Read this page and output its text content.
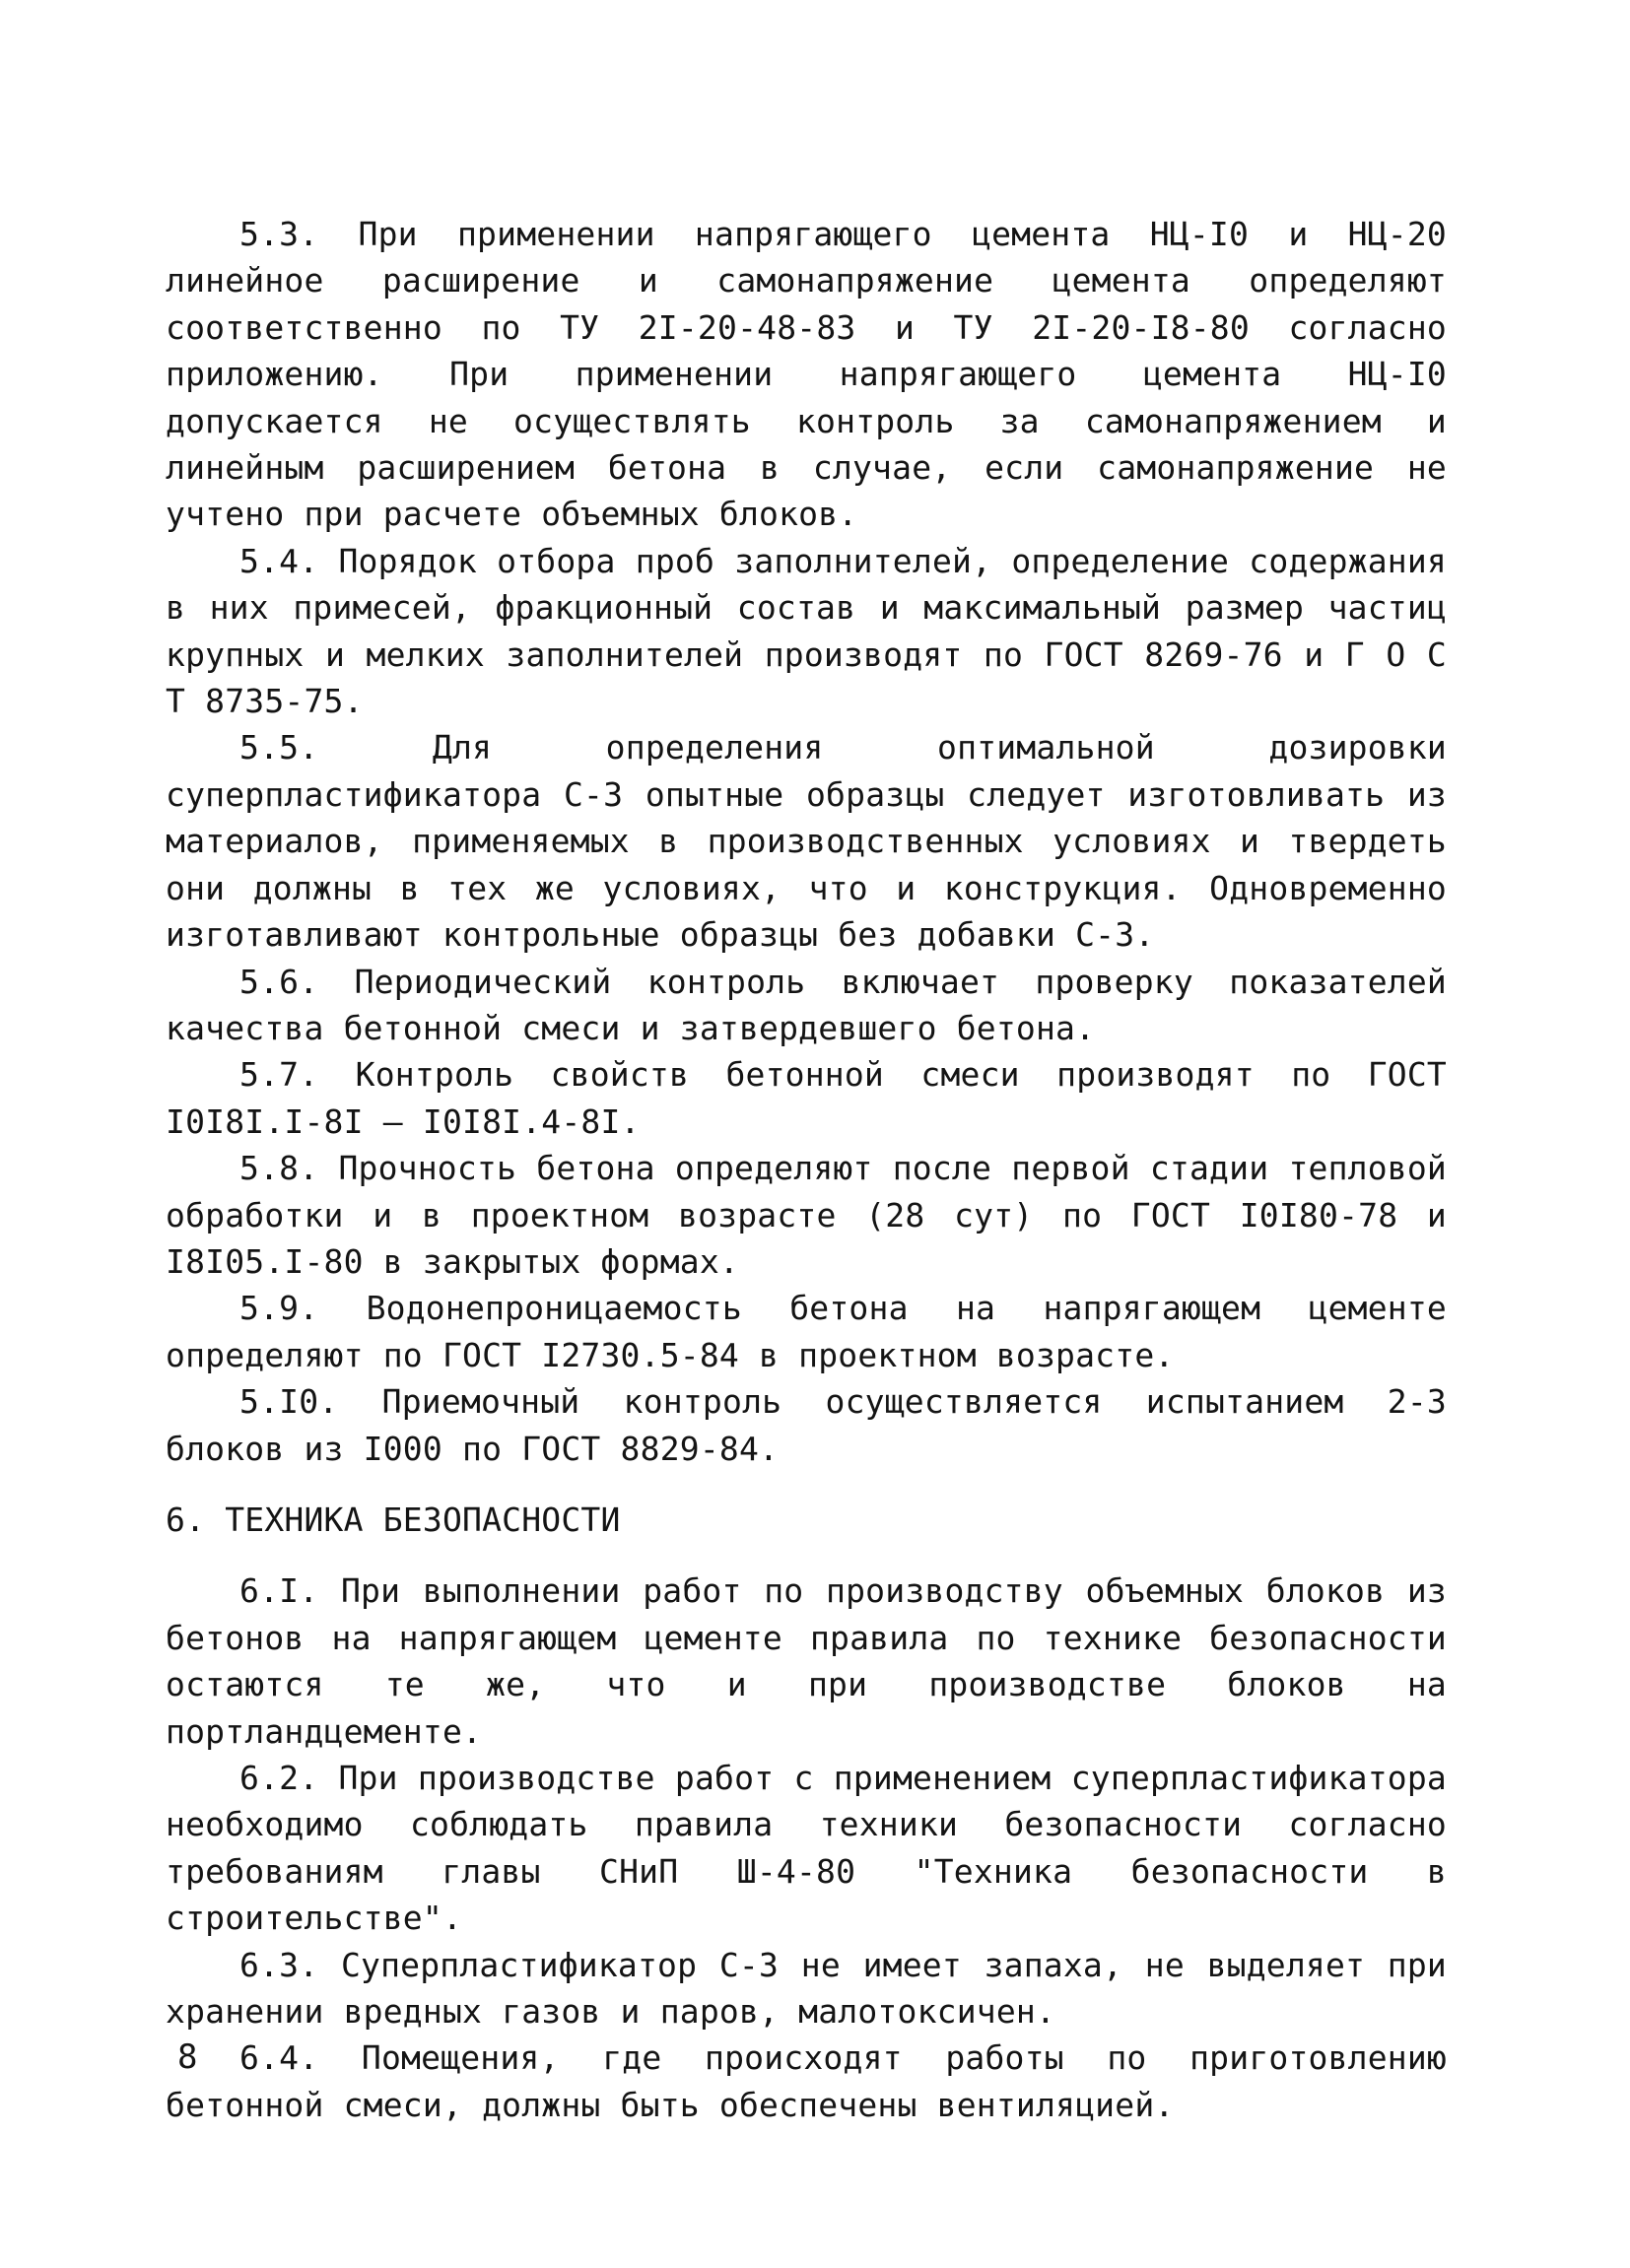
5.3. При применении напрягающего цемента НЦ-I0 и НЦ-20 линейное расширение и самонапряжение цемента определяют соответственно по ТУ 2I-20-48-83 и ТУ 2I-20-I8-80 согласно приложению. При применении напрягающего цемента НЦ-I0 допускается не осуществлять контроль за самонапряжением и линейным расширением бетона в случае, если самонапряжение не учтено при расчете объемных блоков.

5.4. Порядок отбора проб заполнителей, определение содержания в них примесей, фракционный состав и максимальный размер частиц крупных и мелких заполнителей производят по ГОСТ 8269-76 и Г О С Т 8735-75.

5.5. Для определения оптимальной дозировки суперпластификатора С-3 опытные образцы следует изготовливать из материалов, применяемых в производственных условиях и твердеть они должны в тех же условиях, что и конструкция. Одновременно изготавливают контрольные образцы без добавки С-3.

5.6. Периодический контроль включает проверку показателей качества бетонной смеси и затвердевшего бетона.

5.7. Контроль свойств бетонной смеси производят по ГОСТ I0I8I.I-8I — I0I8I.4-8I.

5.8. Прочность бетона определяют после первой стадии тепловой обработки и в проектном возрасте (28 сут) по ГОСТ I0I80-78 и I8I05.I-80 в закрытых формах.

5.9. Водонепроницаемость бетона на напрягающем цементе определяют по ГОСТ I2730.5-84 в проектном возрасте.

5.I0. Приемочный контроль осуществляется испытанием 2-3 блоков из I000 по ГОСТ 8829-84.

6. ТЕХНИКА БЕЗОПАСНОСТИ

6.I. При выполнении работ по производству объемных блоков из бетонов на напрягающем цементе правила по технике безопасности остаются те же, что и при производстве блоков на портландцементе.

6.2. При производстве работ с применением суперпластификатора необходимо соблюдать правила техники безопасности согласно требованиям главы СНиП Ш-4-80 "Техника безопасности в строительстве".

6.3. Суперпластификатор С-3 не имеет запаха, не выделяет при хранении вредных газов и паров, малотоксичен.

6.4. Помещения, где происходят работы по приготовлению бетонной смеси, должны быть обеспечены вентиляцией.

8
